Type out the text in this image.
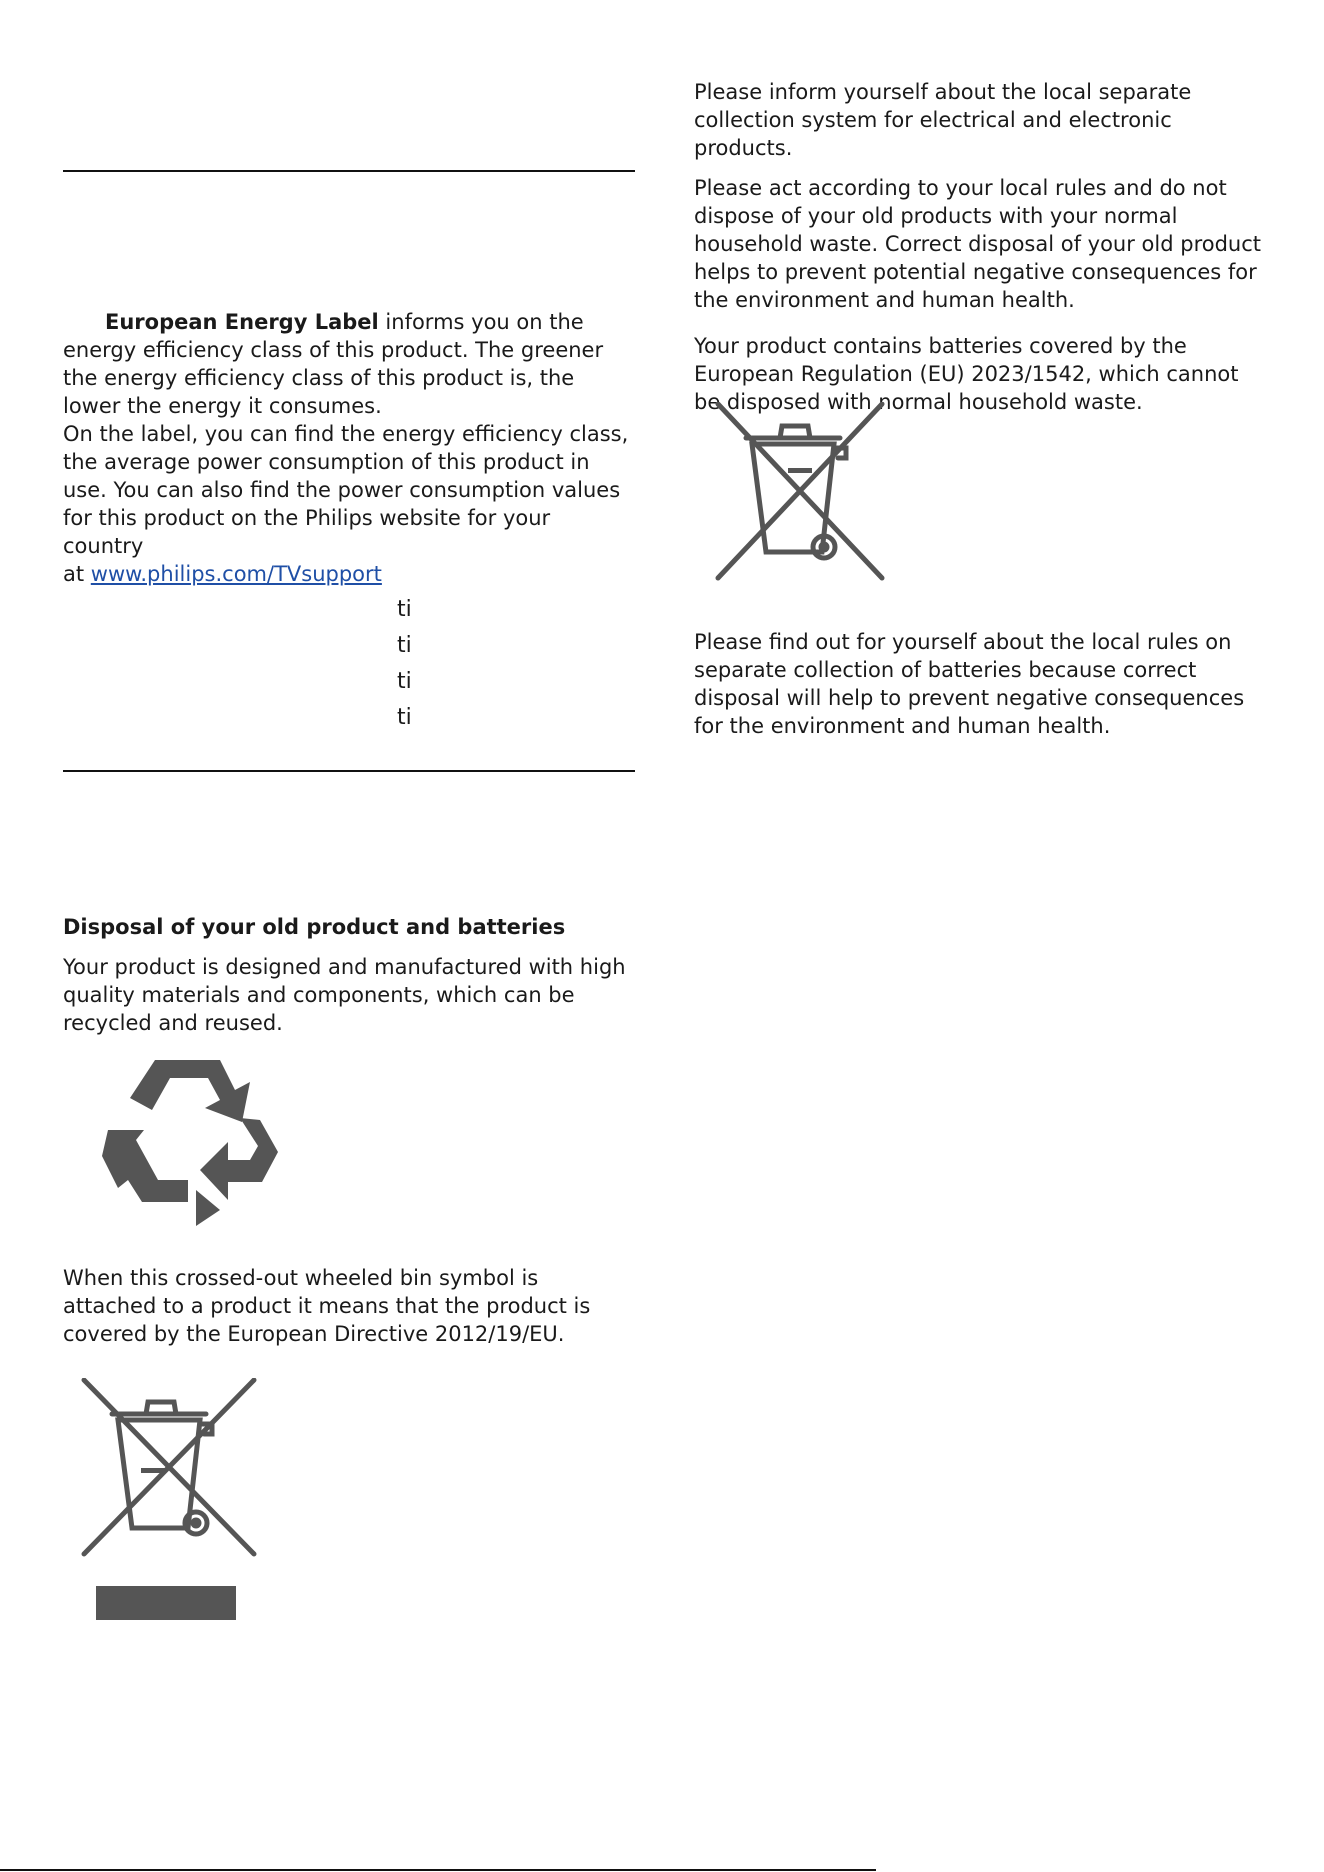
European Energy Label informs you on the energy efficiency class of this product. The greener the energy efficiency class of this product is, the lower the energy it consumes.

On the label, you can find the energy efficiency class, the average power consumption of this product in use. You can also find the power consumption values for this product on the Philips website for your country

at www.philips.com/TVsupport

ti
ti
ti
ti

Disposal of your old product and batteries

Your product is designed and manufactured with high quality materials and components, which can be recycled and reused.

When this crossed-out wheeled bin symbol is attached to a product it means that the product is covered by the European Directive 2012/19/EU.

Please inform yourself about the local separate collection system for electrical and electronic products.

Please act according to your local rules and do not dispose of your old products with your normal household waste. Correct disposal of your old product helps to prevent potential negative consequences for the environment and human health.

Your product contains batteries covered by the European Regulation (EU) 2023/1542, which cannot be disposed with normal household waste.

Please find out for yourself about the local rules on separate collection of batteries because correct disposal will help to prevent negative consequences for the environment and human health.
